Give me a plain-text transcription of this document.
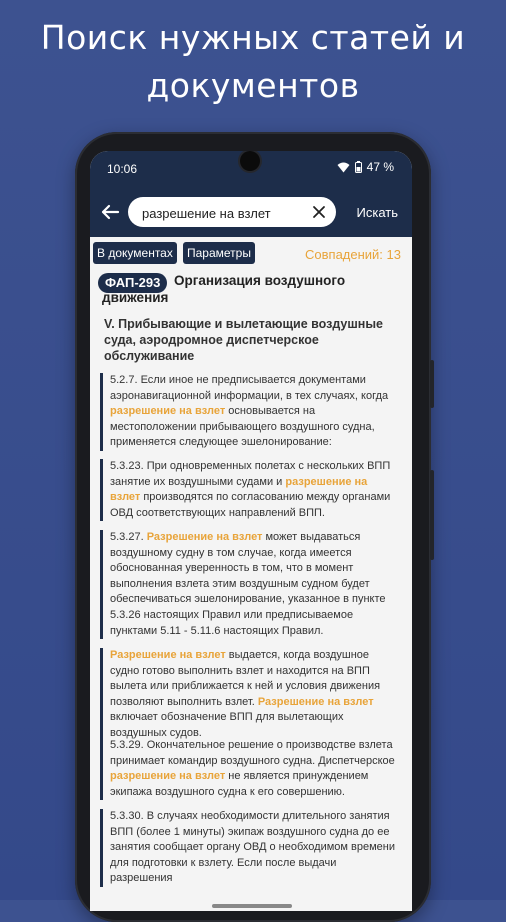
Поиск нужных статей и
документов
10:06	47 %
разрешение на взлет
Искать
В документах	Параметры	Совпадений: 13
ФАП-293	Организация воздушного
движения
V. Прибывающие и вылетающие воздушные суда, аэродромное диспетчерское обслуживание
5.2.7. Если иное не предписывается документами аэронавигационной информации, в тех случаях, когда разрешение на взлет основывается на местоположении прибывающего воздушного судна, применяется следующее эшелонирование:
5.3.23. При одновременных полетах с нескольких ВПП занятие их воздушными судами и разрешение на взлет производятся по согласованию между органами ОВД соответствующих направлений ВПП.
5.3.27. Разрешение на взлет может выдаваться воздушному судну в том случае, когда имеется обоснованная уверенность в том, что в момент выполнения взлета этим воздушным судном будет обеспечиваться эшелонирование, указанное в пункте 5.3.26 настоящих Правил или предписываемое пунктами 5.11 - 5.11.6 настоящих Правил.
Разрешение на взлет выдается, когда воздушное судно готово выполнить взлет и находится на ВПП вылета или приближается к ней и условия движения позволяют выполнить взлет. Разрешение на взлет включает обозначение ВПП для вылетающих воздушных судов.
5.3.29. Окончательное решение о производстве взлета принимает командир воздушного судна. Диспетчерское разрешение на взлет не является принуждением экипажа воздушного судна к его совершению.
5.3.30. В случаях необходимости длительного занятия ВПП (более 1 минуты) экипаж воздушного судна до ее занятия сообщает органу ОВД о необходимом времени для подготовки к взлету. Если после выдачи разрешения
